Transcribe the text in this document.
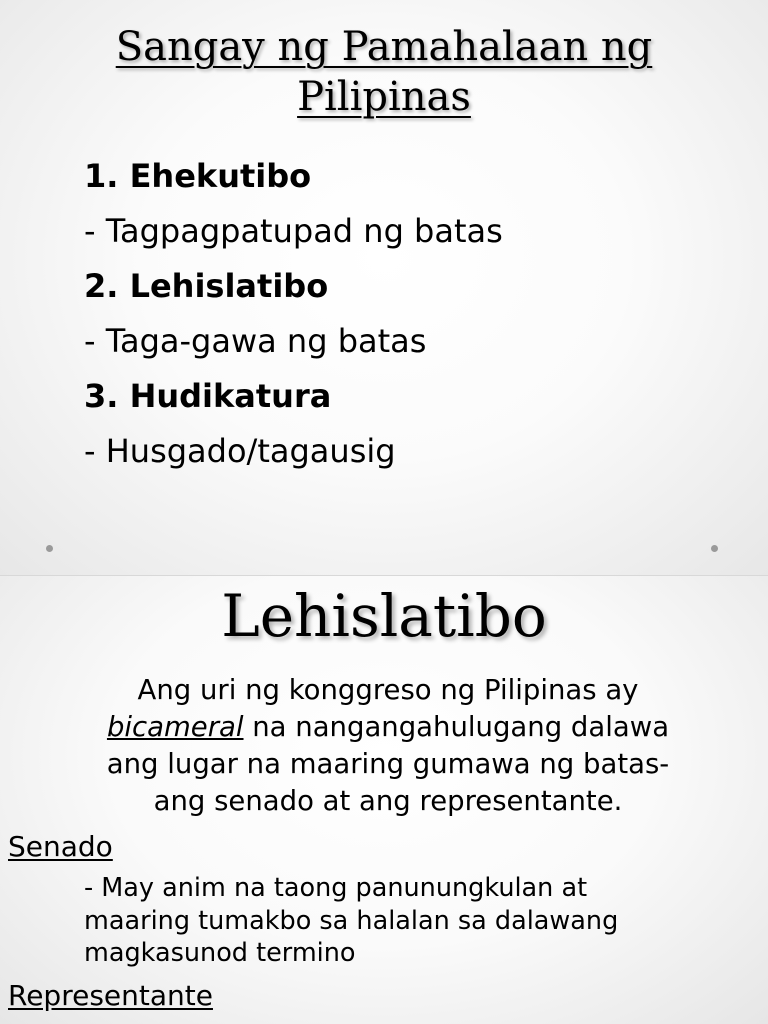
Sangay ng Pamahalaan ng
Pilipinas
1. Ehekutibo
- Tagpagpatupad ng batas
2. Lehislatibo
- Taga-gawa ng batas
3. Hudikatura
- Husgado/tagausig
Lehislatibo
Ang uri ng konggreso ng Pilipinas ay
bicameral na nangangahulugang dalawa
ang lugar na maaring gumawa ng batas-
ang senado at ang representante.
Senado
- May anim na taong panunungkulan at
maaring tumakbo sa halalan sa dalawang
magkasunod termino
Representante
